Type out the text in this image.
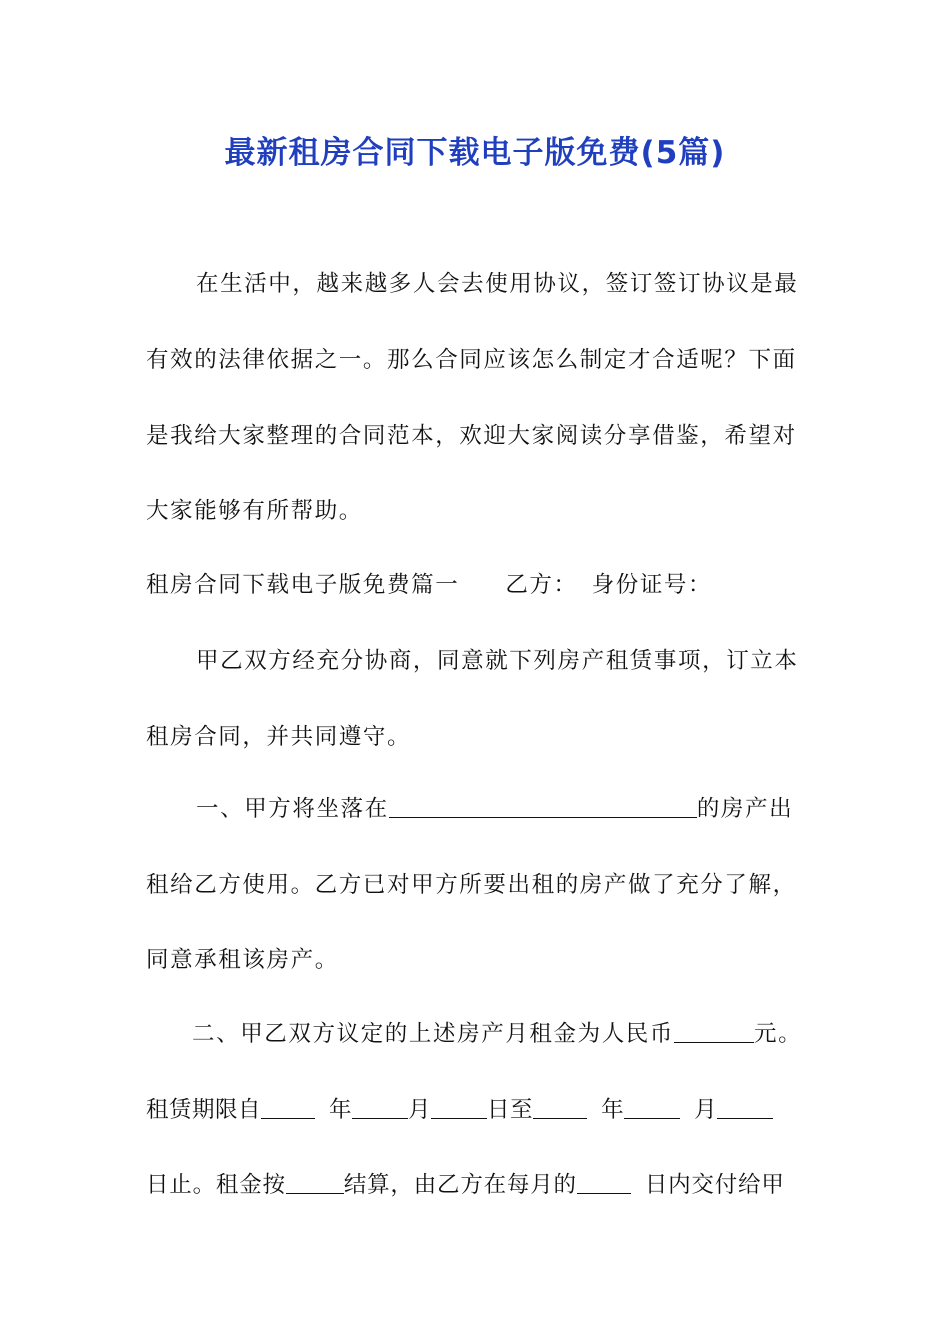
最新租房合同下载电子版免费(5篇)
在生活中，越来越多人会去使用协议，签订签订协议是最
有效的法律依据之一。那么合同应该怎么制定才合适呢？下面
是我给大家整理的合同范本，欢迎大家阅读分享借鉴，希望对
大家能够有所帮助。
租房合同下载电子版免费篇一 乙方： 身份证号：
甲乙双方经充分协商，同意就下列房产租赁事项，订立本
租房合同，并共同遵守。
一、甲方将坐落在	的房产出
租给乙方使用。乙方已对甲方所要出租的房产做了充分了解，
同意承租该房产。
二、甲乙双方议定的上述房产月租金为人民币	元。
租赁期限自	年 月 日至	年	月
日止。租金按	结算，由乙方在每月的	日内交付给甲
